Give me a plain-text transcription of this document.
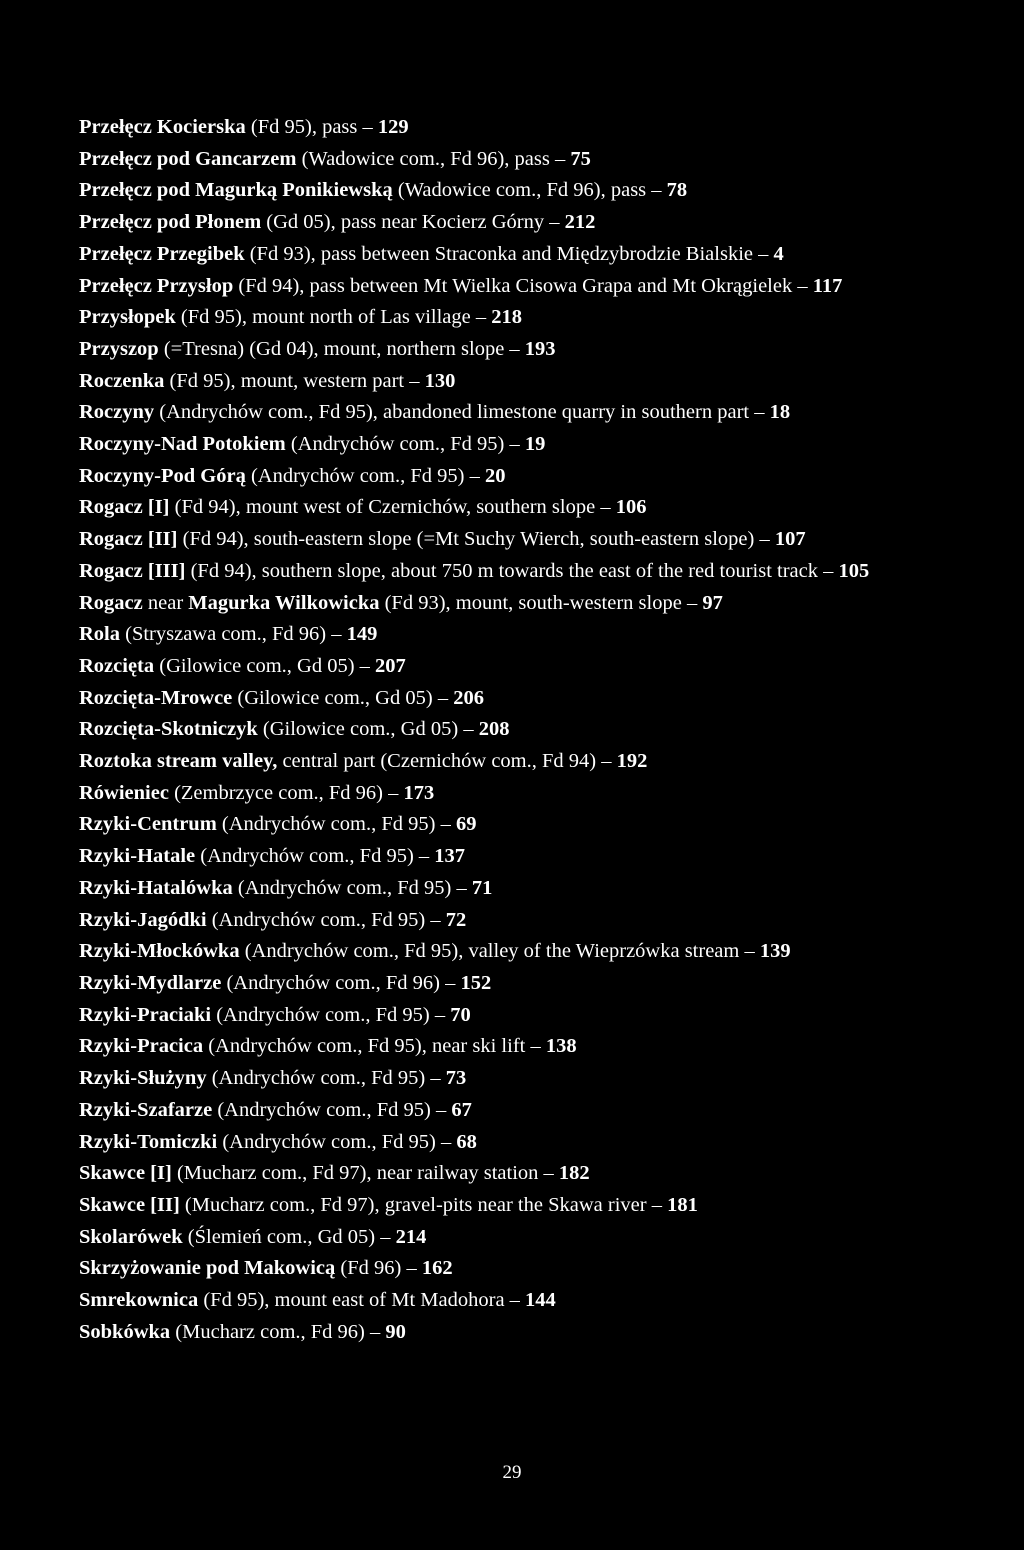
Przełęcz Kocierska (Fd 95), pass – 129

Przełęcz pod Gancarzem (Wadowice com., Fd 96), pass – 75

Przełęcz pod Magurką Ponikiewską (Wadowice com., Fd 96), pass – 78

Przełęcz pod Płonem (Gd 05), pass near Kocierz Górny – 212

Przełęcz Przegibek (Fd 93), pass between Straconka and Międzybrodzie Bialskie – 4

Przełęcz Przysłop (Fd 94), pass between Mt Wielka Cisowa Grapa and Mt Okrągielek – 117

Przysłopek (Fd 95), mount north of Las village – 218

Przyszop (=Tresna) (Gd 04), mount, northern slope – 193

Roczenka (Fd 95), mount, western part – 130

Roczyny (Andrychów com., Fd 95), abandoned limestone quarry in southern part – 18

Roczyny-Nad Potokiem (Andrychów com., Fd 95) – 19

Roczyny-Pod Górą (Andrychów com., Fd 95) – 20

Rogacz [I] (Fd 94), mount west of Czernichów, southern slope – 106

Rogacz [II] (Fd 94), south-eastern slope (=Mt Suchy Wierch, south-eastern slope) – 107

Rogacz [III] (Fd 94), southern slope, about 750 m towards the east of the red tourist track – 105

Rogacz near Magurka Wilkowicka (Fd 93), mount, south-western slope – 97

Rola (Stryszawa com., Fd 96) – 149

Rozcięta (Gilowice com., Gd 05) – 207

Rozcięta-Mrowce (Gilowice com., Gd 05) – 206

Rozcięta-Skotniczyk (Gilowice com., Gd 05) – 208

Roztoka stream valley, central part (Czernichów com., Fd 94) – 192

Rówieniec (Zembrzyce com., Fd 96) – 173

Rzyki-Centrum (Andrychów com., Fd 95) – 69

Rzyki-Hatale (Andrychów com., Fd 95) – 137

Rzyki-Hatalówka (Andrychów com., Fd 95) – 71

Rzyki-Jagódki (Andrychów com., Fd 95) – 72

Rzyki-Młockówka (Andrychów com., Fd 95), valley of the Wieprzówka stream – 139

Rzyki-Mydlarze (Andrychów com., Fd 96) – 152

Rzyki-Praciaki (Andrychów com., Fd 95) – 70

Rzyki-Pracica (Andrychów com., Fd 95), near ski lift – 138

Rzyki-Służyny (Andrychów com., Fd 95) – 73

Rzyki-Szafarze (Andrychów com., Fd 95) – 67

Rzyki-Tomiczki (Andrychów com., Fd 95) – 68

Skawce [I] (Mucharz com., Fd 97), near railway station – 182

Skawce [II] (Mucharz com., Fd 97), gravel-pits near the Skawa river – 181

Skolarówek (Ślemień com., Gd 05) – 214

Skrzyżowanie pod Makowicą (Fd 96) – 162

Smrekownica (Fd 95), mount east of Mt Madohora – 144

Sobkówka (Mucharz com., Fd 96) – 90

29
